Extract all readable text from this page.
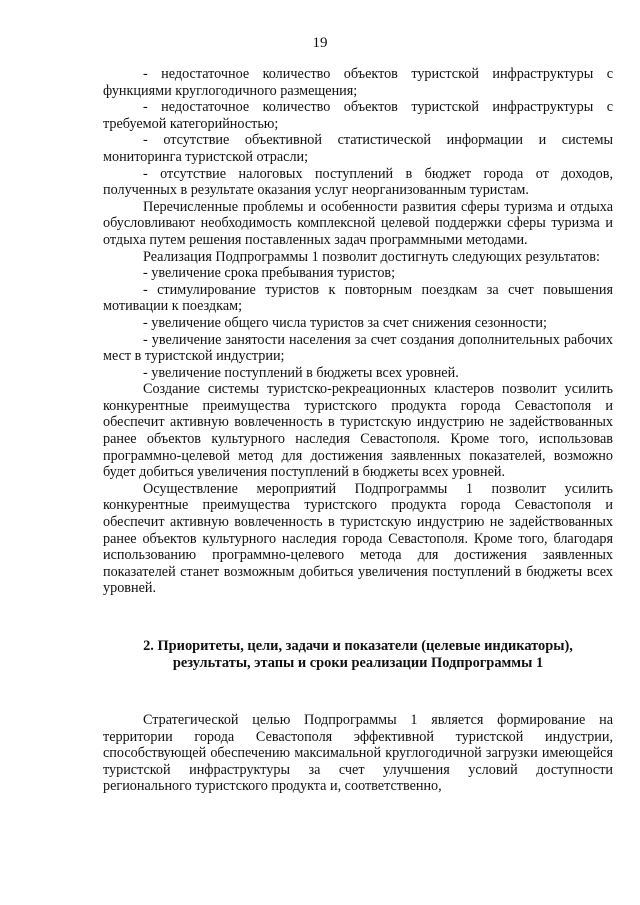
19

- недостаточное количество объектов туристской инфраструктуры с функциями круглогодичного размещения;

- недостаточное количество объектов туристской инфраструктуры с требуемой категорийностью;

- отсутствие объективной статистической информации и системы мониторинга туристской отрасли;

- отсутствие налоговых поступлений в бюджет города от доходов, полученных в результате оказания услуг неорганизованным туристам.

Перечисленные проблемы и особенности развития сферы туризма и отдыха обусловливают необходимость комплексной целевой поддержки сферы туризма и отдыха путем решения поставленных задач программными методами.

Реализация Подпрограммы 1 позволит достигнуть следующих результатов:

- увеличение срока пребывания туристов;

- стимулирование туристов к повторным поездкам за счет повышения мотивации к поездкам;

- увеличение общего числа туристов за счет снижения сезонности;

- увеличение занятости населения за счет создания дополнительных рабочих мест в туристской индустрии;

- увеличение поступлений в бюджеты всех уровней.

Создание системы туристско-рекреационных кластеров позволит усилить конкурентные преимущества туристского продукта города Севастополя и обеспечит активную вовлеченность в туристскую индустрию не задействованных ранее объектов культурного наследия Севастополя. Кроме того, использовав программно-целевой метод для достижения заявленных показателей, возможно будет добиться увеличения поступлений в бюджеты всех уровней.

Осуществление мероприятий Подпрограммы 1 позволит усилить конкурентные преимущества туристского продукта города Севастополя и обеспечит активную вовлеченность в туристскую индустрию не задействованных ранее объектов культурного наследия города Севастополя. Кроме того, благодаря использованию программно-целевого метода для достижения заявленных показателей станет возможным добиться увеличения поступлений в бюджеты всех уровней.

2. Приоритеты, цели, задачи и показатели (целевые индикаторы), результаты, этапы и сроки реализации Подпрограммы 1

Стратегической целью Подпрограммы 1 является формирование на территории города Севастополя эффективной туристской индустрии, способствующей обеспечению максимальной круглогодичной загрузки имеющейся туристской инфраструктуры за счет улучшения условий доступности регионального туристского продукта и, соответственно,
